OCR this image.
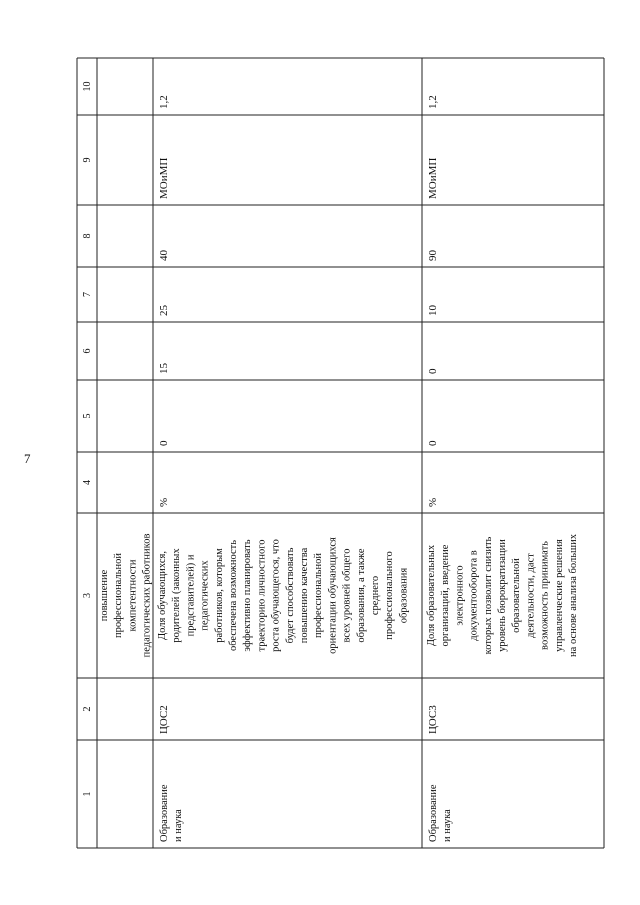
7
1
2
3
4
5
6
7
8
9
10
повышение профессиональной компетентности педагогических работников
Образование и наука
ЦОС2
Доля обучающихся, родителей (законных представителей) и педагогических работников, которым обеспечена возможность эффективно планировать траекторию личностного роста обучающегося, что будет способствовать повышению качества профессиональной ориентации обучающихся всех уровней общего образования, а также среднего профессионального образования
%
0
15
25
40
МОиМП
1,2
Образование и наука
ЦОС3
Доля образовательных организаций, введение электронного документооборота в которых позволит снизить уровень бюрократизации образовательной деятельности, даст возможность принимать управленческие решения на основе анализа больших
%
0
0
10
90
МОиМП
1,2
